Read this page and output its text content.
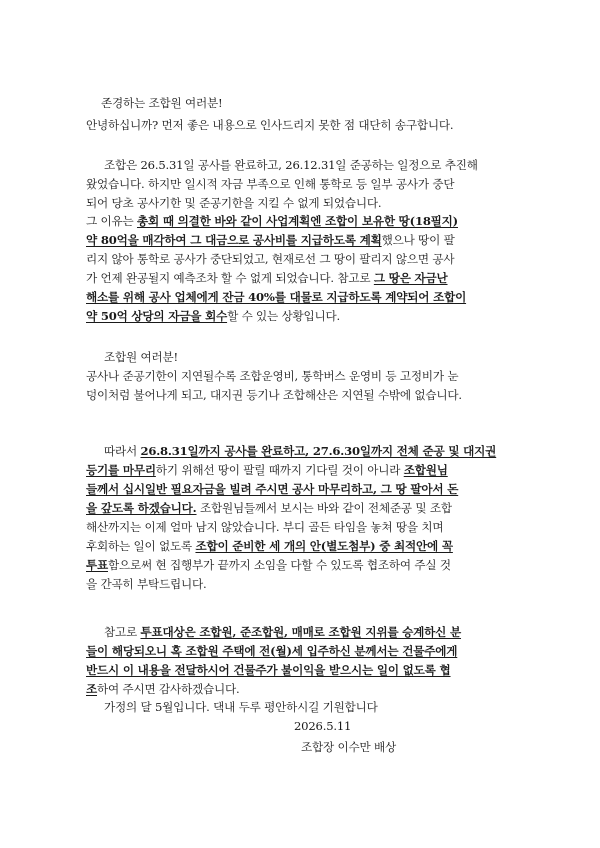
존경하는 조합원 여러분!
안녕하십니까? 먼저 좋은 내용으로 인사드리지 못한 점 대단히 송구합니다.
조합은 26.5.31일 공사를 완료하고, 26.12.31일 준공하는 일정으로 추진해
왔었습니다. 하지만 일시적 자금 부족으로 인해 통학로 등 일부 공사가 중단
되어 당초 공사기한 및 준공기한을 지킬 수 없게 되었습니다.
그 이유는 총회 때 의결한 바와 같이 사업계획엔 조합이 보유한 땅(18필지)
약 80억을 매각하여 그 대금으로 공사비를 지급하도록 계획했으나 땅이 팔
리지 않아 통학로 공사가 중단되었고, 현재로선 그 땅이 팔리지 않으면 공사
가 언제 완공될지 예측조차 할 수 없게 되었습니다. 참고로 그 땅은 자금난
해소를 위해 공사 업체에게 잔금 40%를 대물로 지급하도록 계약되어 조합이
약 50억 상당의 자금을 회수할 수 있는 상황입니다.
조합원 여러분!
공사나 준공기한이 지연될수록 조합운영비, 통학버스 운영비 등 고정비가 눈
덩이처럼 불어나게 되고, 대지권 등기나 조합해산은 지연될 수밖에 없습니다.
따라서 26.8.31일까지 공사를 완료하고, 27.6.30일까지 전체 준공 및 대지권
등기를 마무리하기 위해선 땅이 팔릴 때까지 기다릴 것이 아니라 조합원님
들께서 십시일반 필요자금을 빌려 주시면 공사 마무리하고, 그 땅 팔아서 돈
을 갚도록 하겠습니다. 조합원님들께서 보시는 바와 같이 전체준공 및 조합
해산까지는 이제 얼마 남지 않았습니다. 부디 골든 타임을 놓쳐 땅을 치며
후회하는 일이 없도록 조합이 준비한 세 개의 안(별도첨부) 중 최적안에 꼭
투표함으로써 현 집행부가 끝까지 소임을 다할 수 있도록 협조하여 주실 것
을 간곡히 부탁드립니다.
참고로 투표대상은 조합원, 준조합원, 매매로 조합원 지위를 승계하신 분
들이 해당되오니 혹 조합원 주택에 전(월)세 입주하신 분께서는 건물주에게
반드시 이 내용을 전달하시어 건물주가 불이익을 받으시는 일이 없도록 협
조하여 주시면 감사하겠습니다.
가정의 달 5월입니다. 댁내 두루 평안하시길 기원합니다
2026.5.11
조합장 이수만 배상
